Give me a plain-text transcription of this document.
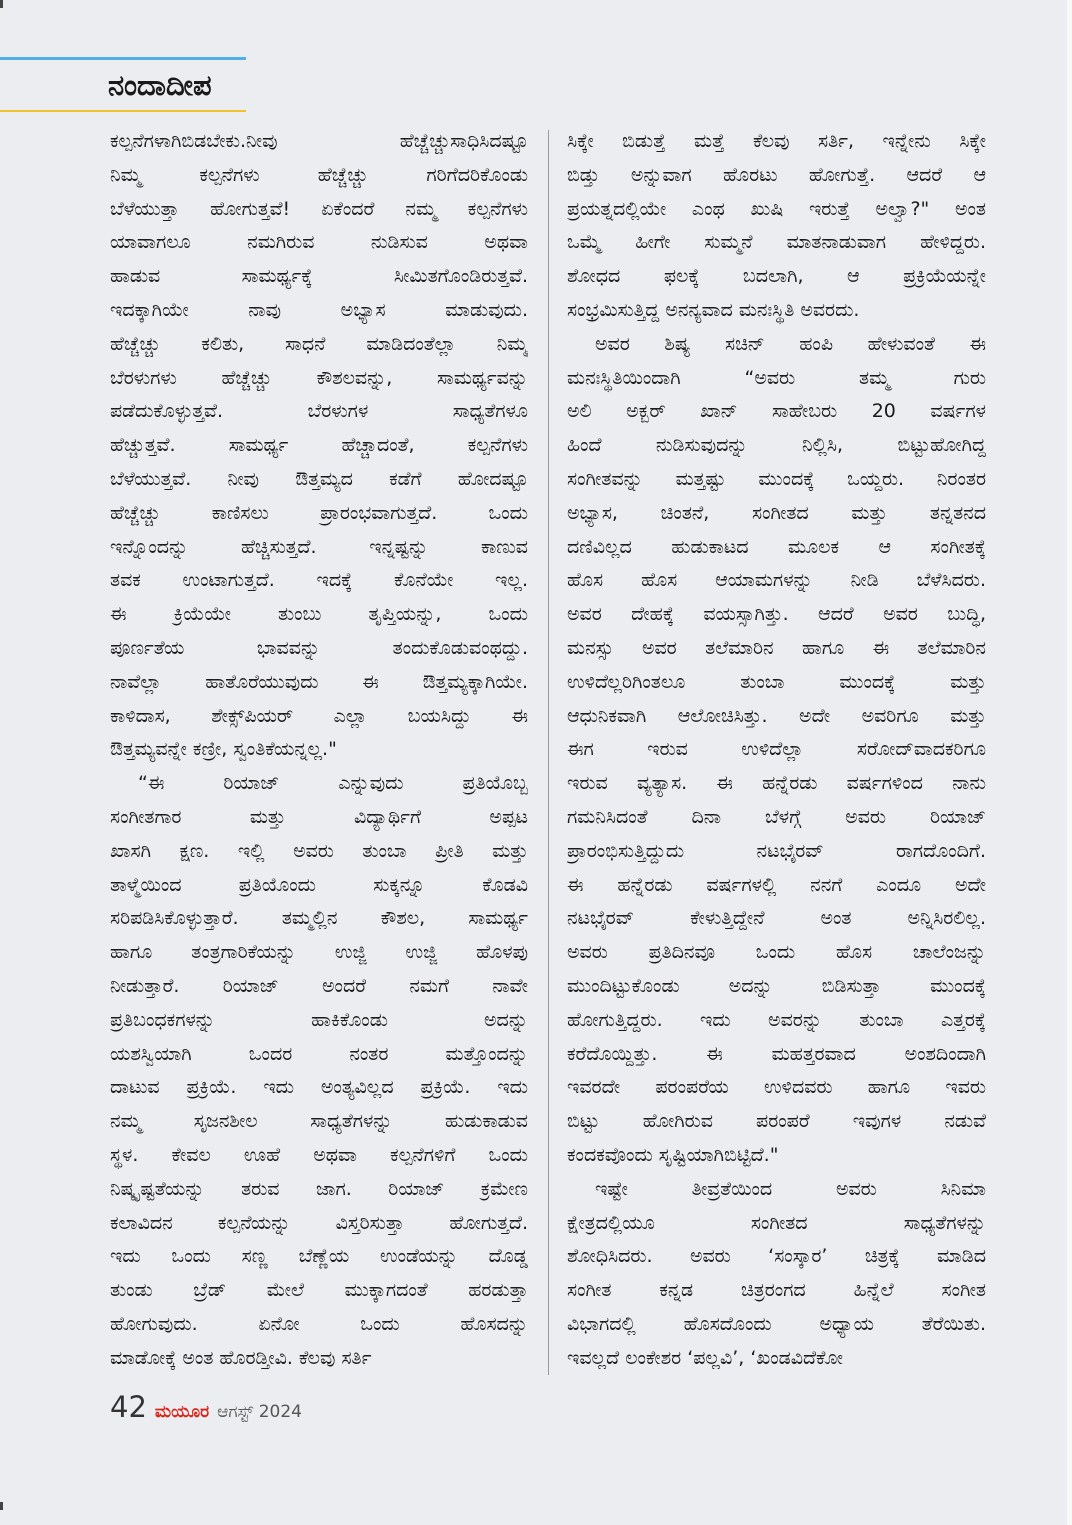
ನಂದಾದೀಪ
ಕಲ್ಪನೆಗಳಾಗಿಬಿಡಬೇಕು.ನೀವು ಹೆಚ್ಚೆಚ್ಚುಸಾಧಿಸಿದಷ್ಟೂ
ನಿಮ್ಮ ಕಲ್ಪನೆಗಳು ಹೆಚ್ಚೆಚ್ಚು ಗರಿಗೆದರಿಕೊಂಡು
ಬೆಳೆಯುತ್ತಾ ಹೋಗುತ್ತವೆ! ಏಕೆಂದರೆ ನಮ್ಮ ಕಲ್ಪನೆಗಳು
ಯಾವಾಗಲೂ ನಮಗಿರುವ ನುಡಿಸುವ ಅಥವಾ
ಹಾಡುವ ಸಾಮರ್ಥ್ಯಕ್ಕೆ ಸೀಮಿತಗೊಂಡಿರುತ್ತವೆ.
ಇದಕ್ಕಾಗಿಯೇ ನಾವು ಅಭ್ಯಾಸ ಮಾಡುವುದು.
ಹೆಚ್ಚೆಚ್ಚು ಕಲಿತು, ಸಾಧನೆ ಮಾಡಿದಂತೆಲ್ಲಾ ನಿಮ್ಮ
ಬೆರಳುಗಳು ಹೆಚ್ಚೆಚ್ಚು ಕೌಶಲವನ್ನು, ಸಾಮರ್ಥ್ಯವನ್ನು
ಪಡೆದುಕೊಳ್ಳುತ್ತವೆ. ಬೆರಳುಗಳ ಸಾಧ್ಯತೆಗಳೂ
ಹೆಚ್ಚುತ್ತವೆ. ಸಾಮರ್ಥ್ಯ ಹೆಚ್ಚಾದಂತೆ, ಕಲ್ಪನೆಗಳು
ಬೆಳೆಯುತ್ತವೆ. ನೀವು ಔತ್ತಮ್ಯದ ಕಡೆಗೆ ಹೋದಷ್ಟೂ
ಹೆಚ್ಚೆಚ್ಚು ಕಾಣಿಸಲು ಪ್ರಾರಂಭವಾಗುತ್ತದೆ. ಒಂದು
ಇನ್ನೊಂದನ್ನು ಹೆಚ್ಚಿಸುತ್ತದೆ. ಇನ್ನಷ್ಟನ್ನು ಕಾಣುವ
ತವಕ ಉಂಟಾಗುತ್ತದೆ. ಇದಕ್ಕೆ ಕೊನೆಯೇ ಇಲ್ಲ.
ಈ ಕ್ರಿಯೆಯೇ ತುಂಬು ತೃಪ್ತಿಯನ್ನು, ಒಂದು
ಪೂರ್ಣತೆಯ ಭಾವವನ್ನು ತಂದುಕೊಡುವಂಥದ್ದು.
ನಾವೆಲ್ಲಾ ಹಾತೊರೆಯುವುದು ಈ ಔತ್ತಮ್ಯಕ್ಕಾಗಿಯೇ.
ಕಾಳಿದಾಸ, ಶೇಕ್ಸ್‌ಪಿಯರ್ ಎಲ್ಲಾ ಬಯಸಿದ್ದು ಈ
ಔತ್ತಮ್ಯವನ್ನೇ ಕಣ್ರೀ, ಸ್ವಂತಿಕೆಯನ್ನಲ್ಲ."
“ಈ ರಿಯಾಜ್ ಎನ್ನುವುದು ಪ್ರತಿಯೊಬ್ಬ
ಸಂಗೀತಗಾರ ಮತ್ತು ವಿದ್ಯಾರ್ಥಿಗೆ ಅಪ್ಪಟ
ಖಾಸಗಿ ಕ್ಷಣ. ಇಲ್ಲಿ ಅವರು ತುಂಬಾ ಪ್ರೀತಿ ಮತ್ತು
ತಾಳ್ಮೆಯಿಂದ ಪ್ರತಿಯೊಂದು ಸುಕ್ಕನ್ನೂ ಕೊಡವಿ
ಸರಿಪಡಿಸಿಕೊಳ್ಳುತ್ತಾರೆ. ತಮ್ಮಲ್ಲಿನ ಕೌಶಲ, ಸಾಮರ್ಥ್ಯ
ಹಾಗೂ ತಂತ್ರಗಾರಿಕೆಯನ್ನು ಉಜ್ಜಿ ಉಜ್ಜಿ ಹೊಳಪು
ನೀಡುತ್ತಾರೆ. ರಿಯಾಜ್ ಅಂದರೆ ನಮಗೆ ನಾವೇ
ಪ್ರತಿಬಂಧಕಗಳನ್ನು ಹಾಕಿಕೊಂಡು ಅದನ್ನು
ಯಶಸ್ವಿಯಾಗಿ ಒಂದರ ನಂತರ ಮತ್ತೊಂದನ್ನು
ದಾಟುವ ಪ್ರಕ್ರಿಯೆ. ಇದು ಅಂತ್ಯವಿಲ್ಲದ ಪ್ರಕ್ರಿಯೆ. ಇದು
ನಮ್ಮ ಸೃಜನಶೀಲ ಸಾಧ್ಯತೆಗಳನ್ನು ಹುಡುಕಾಡುವ
ಸ್ಥಳ. ಕೇವಲ ಊಹೆ ಅಥವಾ ಕಲ್ಪನೆಗಳಿಗೆ ಒಂದು
ನಿಷ್ಕೃಷ್ಟತೆಯನ್ನು ತರುವ ಜಾಗ. ರಿಯಾಜ್ ಕ್ರಮೇಣ
ಕಲಾವಿದನ ಕಲ್ಪನೆಯನ್ನು ವಿಸ್ತರಿಸುತ್ತಾ ಹೋಗುತ್ತದೆ.
ಇದು ಒಂದು ಸಣ್ಣ ಬೆಣ್ಣೆಯ ಉಂಡೆಯನ್ನು ದೊಡ್ಡ
ತುಂಡು ಬ್ರೆಡ್ ಮೇಲೆ ಮುಕ್ಕಾಗದಂತೆ ಹರಡುತ್ತಾ
ಹೋಗುವುದು. ಏನೋ ಒಂದು ಹೊಸದನ್ನು
ಮಾಡೋಕ್ಕೆ ಅಂತ ಹೊರಡ್ತೀವಿ. ಕೆಲವು ಸರ್ತಿ
ಸಿಕ್ಕೇ ಬಿಡುತ್ತೆ ಮತ್ತೆ ಕೆಲವು ಸರ್ತಿ, ಇನ್ನೇನು ಸಿಕ್ಕೇ
ಬಿಡ್ತು ಅನ್ನುವಾಗ ಹೊರಟು ಹೋಗುತ್ತೆ. ಆದರೆ ಆ
ಪ್ರಯತ್ನದಲ್ಲಿಯೇ ಎಂಥ ಖುಷಿ ಇರುತ್ತೆ ಅಲ್ವಾ?" ಅಂತ
ಒಮ್ಮೆ ಹೀಗೇ ಸುಮ್ಮನೆ ಮಾತನಾಡುವಾಗ ಹೇಳಿದ್ದರು.
ಶೋಧದ ಫಲಕ್ಕೆ ಬದಲಾಗಿ, ಆ ಪ್ರಕ್ರಿಯೆಯನ್ನೇ
ಸಂಭ್ರಮಿಸುತ್ತಿದ್ದ ಅನನ್ಯವಾದ ಮನಃಸ್ಥಿತಿ ಅವರದು.
ಅವರ ಶಿಷ್ಯ ಸಚಿನ್ ಹಂಪಿ ಹೇಳುವಂತೆ ಈ
ಮನಃಸ್ಥಿತಿಯಿಂದಾಗಿ “ಅವರು ತಮ್ಮ ಗುರು
ಅಲಿ ಅಕ್ಬರ್ ಖಾನ್ ಸಾಹೇಬರು 20 ವರ್ಷಗಳ
ಹಿಂದೆ ನುಡಿಸುವುದನ್ನು ನಿಲ್ಲಿಸಿ, ಬಿಟ್ಟುಹೋಗಿದ್ದ
ಸಂಗೀತವನ್ನು ಮತ್ತಷ್ಟು ಮುಂದಕ್ಕೆ ಒಯ್ದರು. ನಿರಂತರ
ಅಭ್ಯಾಸ, ಚಿಂತನೆ, ಸಂಗೀತದ ಮತ್ತು ತನ್ನತನದ
ದಣಿವಿಲ್ಲದ ಹುಡುಕಾಟದ ಮೂಲಕ ಆ ಸಂಗೀತಕ್ಕೆ
ಹೊಸ ಹೊಸ ಆಯಾಮಗಳನ್ನು ನೀಡಿ ಬೆಳೆಸಿದರು.
ಅವರ ದೇಹಕ್ಕೆ ವಯಸ್ಸಾಗಿತ್ತು. ಆದರೆ ಅವರ ಬುದ್ಧಿ,
ಮನಸ್ಸು ಅವರ ತಲೆಮಾರಿನ ಹಾಗೂ ಈ ತಲೆಮಾರಿನ
ಉಳಿದೆಲ್ಲರಿಗಿಂತಲೂ ತುಂಬಾ ಮುಂದಕ್ಕೆ ಮತ್ತು
ಆಧುನಿಕವಾಗಿ ಆಲೋಚಿಸಿತ್ತು. ಅದೇ ಅವರಿಗೂ ಮತ್ತು
ಈಗ ಇರುವ ಉಳಿದೆಲ್ಲಾ ಸರೋದ್‌ವಾದಕರಿಗೂ
ಇರುವ ವ್ಯತ್ಯಾಸ. ಈ ಹನ್ನೆರಡು ವರ್ಷಗಳಿಂದ ನಾನು
ಗಮನಿಸಿದಂತೆ ದಿನಾ ಬೆಳಗ್ಗೆ ಅವರು ರಿಯಾಜ್
ಪ್ರಾರಂಭಿಸುತ್ತಿದ್ದುದು ನಟಭೈರವ್ ರಾಗದೊಂದಿಗೆ.
ಈ ಹನ್ನೆರಡು ವರ್ಷಗಳಲ್ಲಿ ನನಗೆ ಎಂದೂ ಅದೇ
ನಟಭೈರವ್ ಕೇಳುತ್ತಿದ್ದೇನೆ ಅಂತ ಅನ್ನಿಸಿರಲಿಲ್ಲ.
ಅವರು ಪ್ರತಿದಿನವೂ ಒಂದು ಹೊಸ ಚಾಲೆಂಜನ್ನು
ಮುಂದಿಟ್ಟುಕೊಂಡು ಅದನ್ನು ಬಿಡಿಸುತ್ತಾ ಮುಂದಕ್ಕೆ
ಹೋಗುತ್ತಿದ್ದರು. ಇದು ಅವರನ್ನು ತುಂಬಾ ಎತ್ತರಕ್ಕೆ
ಕರೆದೊಯ್ದಿತ್ತು. ಈ ಮಹತ್ತರವಾದ ಅಂಶದಿಂದಾಗಿ
ಇವರದೇ ಪರಂಪರೆಯ ಉಳಿದವರು ಹಾಗೂ ಇವರು
ಬಿಟ್ಟು ಹೋಗಿರುವ ಪರಂಪರೆ ಇವುಗಳ ನಡುವೆ
ಕಂದಕವೊಂದು ಸೃಷ್ಟಿಯಾಗಿಬಿಟ್ಟಿದೆ."
ಇಷ್ಟೇ ತೀವ್ರತೆಯಿಂದ ಅವರು ಸಿನಿಮಾ
ಕ್ಷೇತ್ರದಲ್ಲಿಯೂ ಸಂಗೀತದ ಸಾಧ್ಯತೆಗಳನ್ನು
ಶೋಧಿಸಿದರು. ಅವರು ‘ಸಂಸ್ಕಾರ’ ಚಿತ್ರಕ್ಕೆ ಮಾಡಿದ
ಸಂಗೀತ ಕನ್ನಡ ಚಿತ್ರರಂಗದ ಹಿನ್ನೆಲೆ ಸಂಗೀತ
ವಿಭಾಗದಲ್ಲಿ ಹೊಸದೊಂದು ಅಧ್ಯಾಯ ತೆರೆಯಿತು.
ಇವಲ್ಲದೆ ಲಂಕೇಶರ ‘ಪಲ್ಲವಿ’, ‘ಖಂಡವಿದೆಕೋ
42 ಮಯೂರ ಆಗಸ್ಟ್ 2024
